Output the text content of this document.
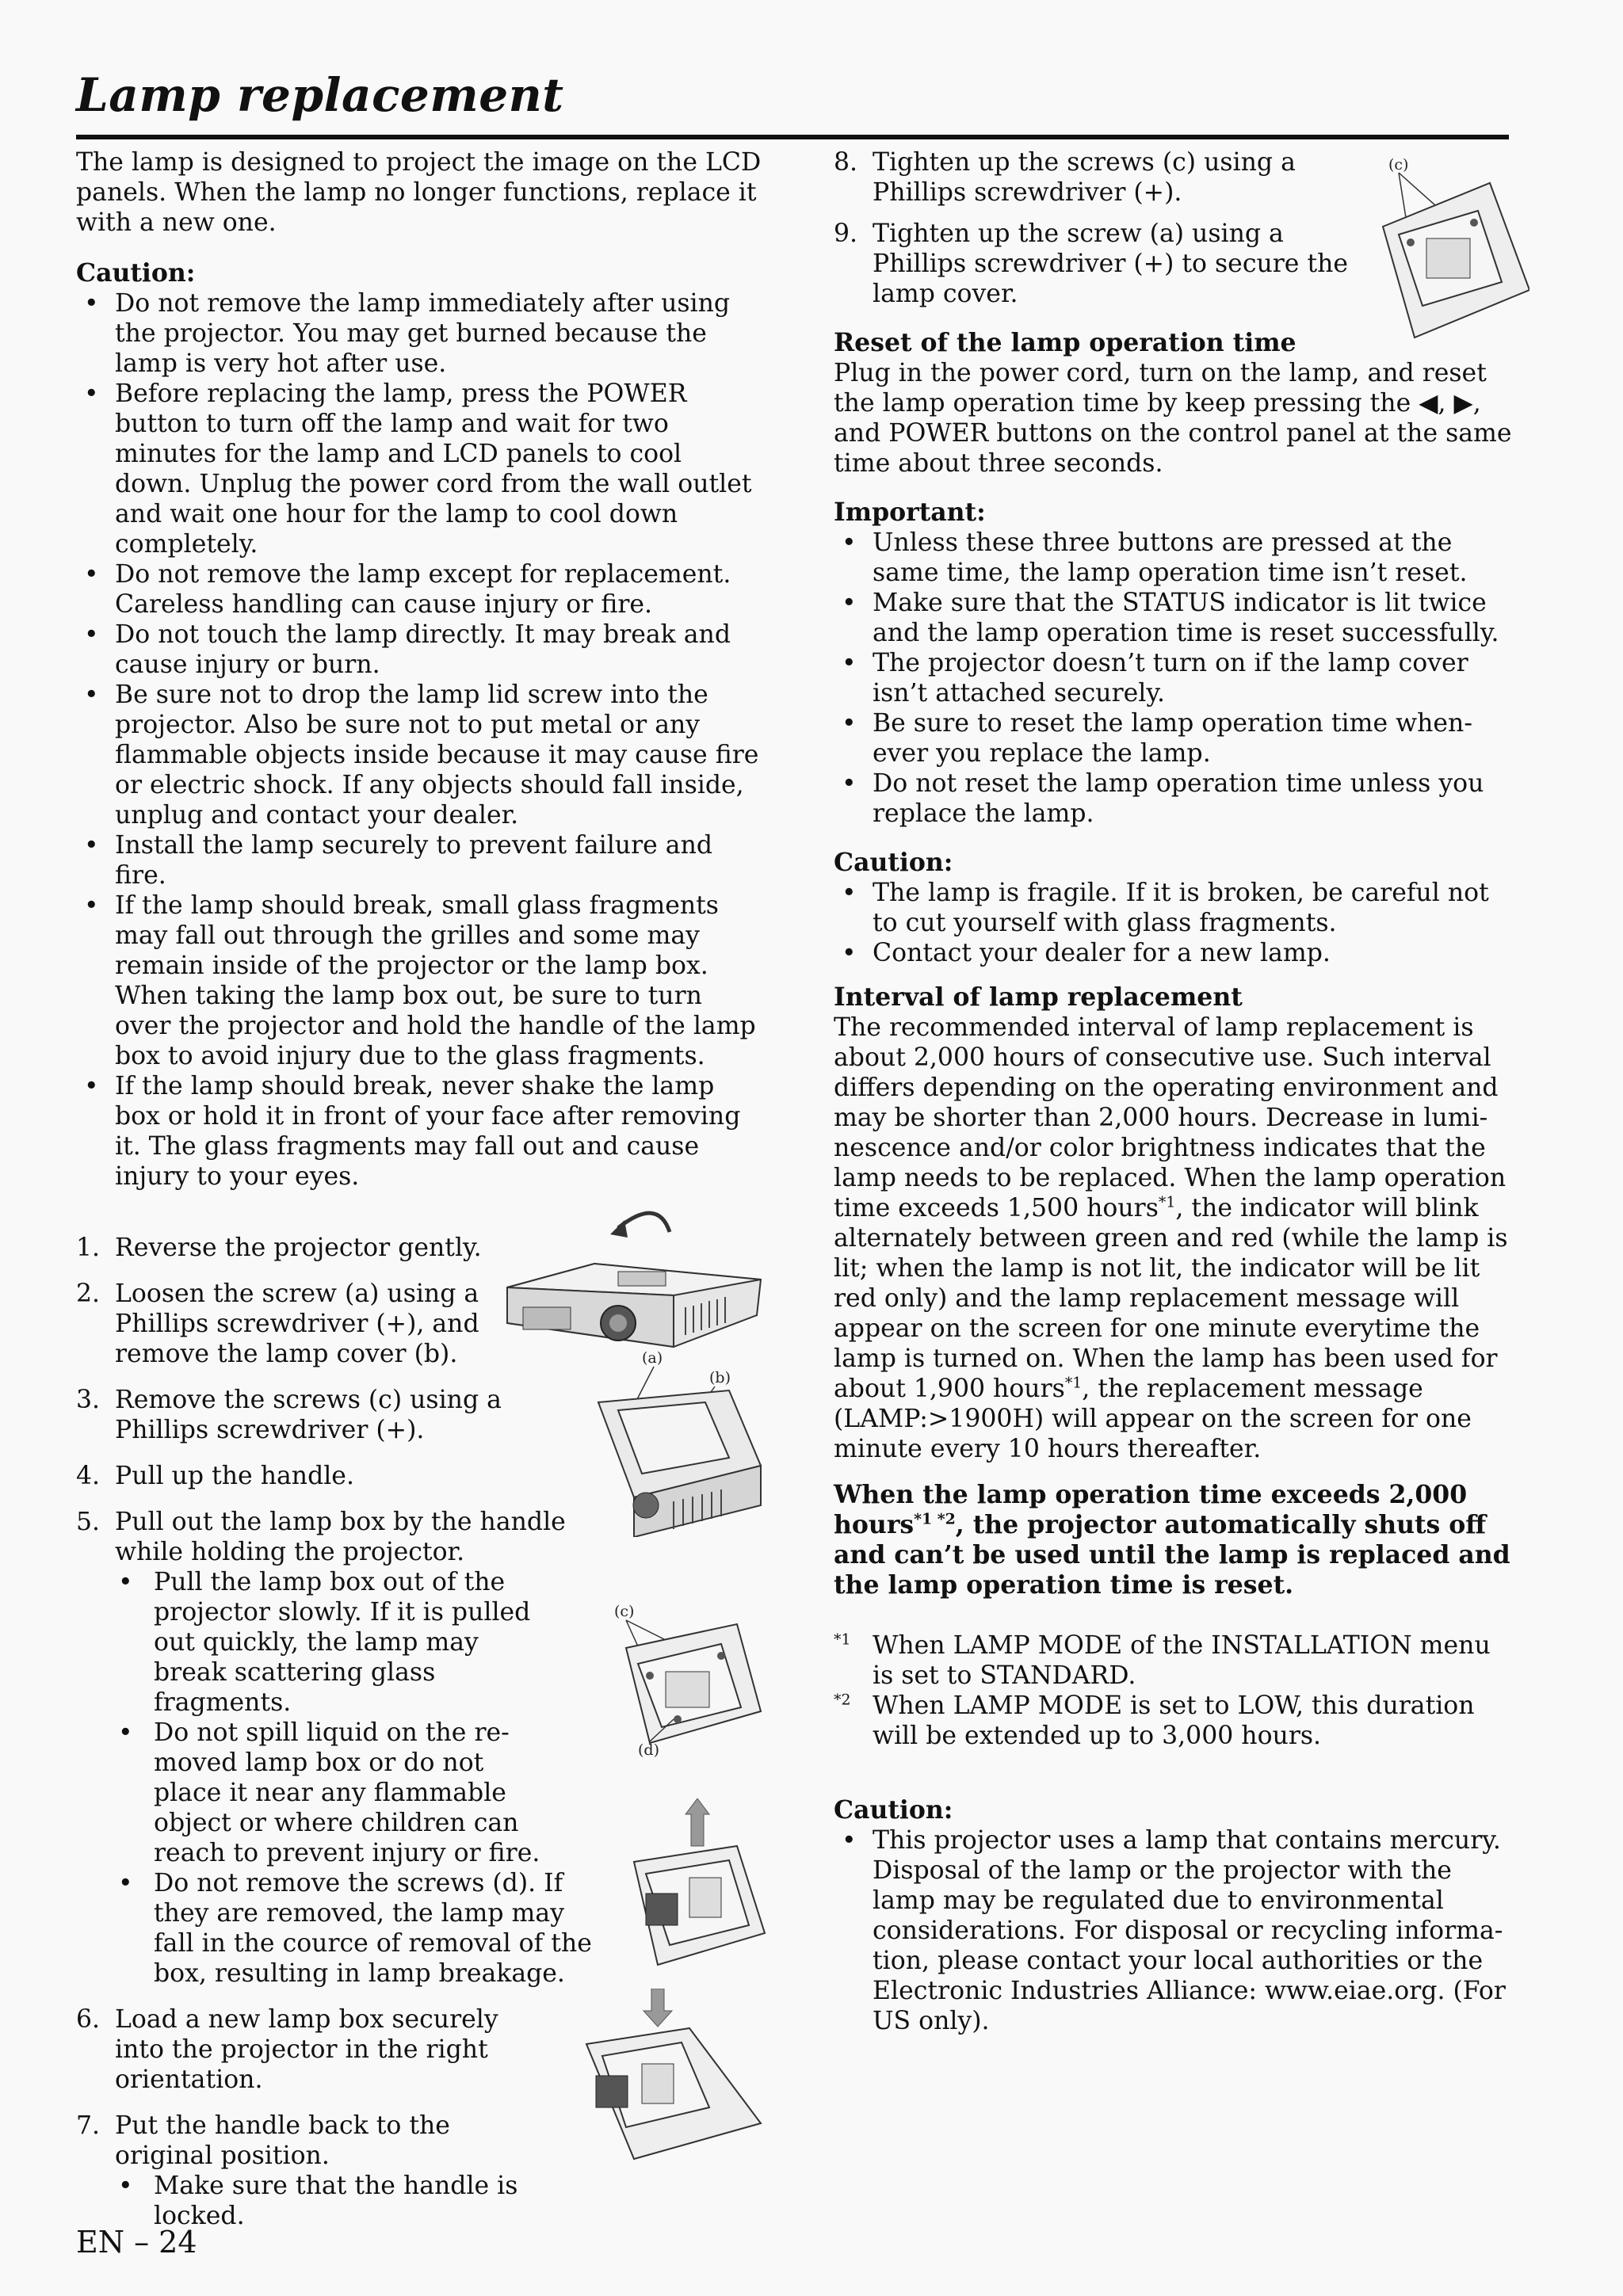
Lamp replacement

The lamp is designed to project the image on the LCD panels. When the lamp no longer functions, replace it with a new one.

Caution:
• Do not remove the lamp immediately after using the projector. You may get burned because the lamp is very hot after use.
• Before replacing the lamp, press the POWER button to turn off the lamp and wait for two minutes for the lamp and LCD panels to cool down. Unplug the power cord from the wall outlet and wait one hour for the lamp to cool down completely.
• Do not remove the lamp except for replacement. Careless handling can cause injury or fire.
• Do not touch the lamp directly. It may break and cause injury or burn.
• Be sure not to drop the lamp lid screw into the projector. Also be sure not to put metal or any flammable objects inside because it may cause fire or electric shock. If any objects should fall inside, unplug and contact your dealer.
• Install the lamp securely to prevent failure and fire.
• If the lamp should break, small glass fragments may fall out through the grilles and some may remain inside of the projector or the lamp box. When taking the lamp box out, be sure to turn over the projector and hold the handle of the lamp box to avoid injury due to the glass fragments.
• If the lamp should break, never shake the lamp box or hold it in front of your face after removing it. The glass fragments may fall out and cause injury to your eyes.
1. Reverse the projector gently.
2. Loosen the screw (a) using a Phillips screwdriver (+), and remove the lamp cover (b).
3. Remove the screws (c) using a Phillips screwdriver (+).
4. Pull up the handle.
5. Pull out the lamp box by the handle while holding the projector.
• Pull the lamp box out of the projector slowly. If it is pulled out quickly, the lamp may break scattering glass fragments.
• Do not spill liquid on the re-moved lamp box or do not place it near any flammable object or where children can reach to prevent injury or fire.
• Do not remove the screws (d). If they are removed, the lamp may fall in the cource of removal of the box, resulting in lamp breakage.
6. Load a new lamp box securely into the projector in the right orientation.
7. Put the handle back to the original position.
• Make sure that the handle is locked.
8. Tighten up the screws (c) using a Phillips screwdriver (+).
9. Tighten up the screw (a) using a Phillips screwdriver (+) to secure the lamp cover.
Reset of the lamp operation time

Plug in the power cord, turn on the lamp, and reset the lamp operation time by keep pressing the ◀, ▶, and POWER buttons on the control panel at the same time about three seconds.

Important:
• Unless these three buttons are pressed at the same time, the lamp operation time isn’t reset.
• Make sure that the STATUS indicator is lit twice and the lamp operation time is reset successfully.
• The projector doesn’t turn on if the lamp cover isn’t attached securely.
• Be sure to reset the lamp operation time when-ever you replace the lamp.
• Do not reset the lamp operation time unless you replace the lamp.
Caution:
• The lamp is fragile. If it is broken, be careful not to cut yourself with glass fragments.
• Contact your dealer for a new lamp.
Interval of lamp replacement

The recommended interval of lamp replacement is about 2,000 hours of consecutive use. Such interval differs depending on the operating environment and may be shorter than 2,000 hours. Decrease in lumi-nescence and/or color brightness indicates that the lamp needs to be replaced. When the lamp operation time exceeds 1,500 hours$^{*1}$, the indicator will blink alternately between green and red (while the lamp is lit; when the lamp is not lit, the indicator will be lit red only) and the lamp replacement message will appear on the screen for one minute everytime the lamp is turned on. When the lamp has been used for about 1,900 hours$^{*1}$, the replacement message (LAMP:>1900H) will appear on the screen for one minute every 10 hours thereafter.

When the lamp operation time exceeds 2,000 hours$^{*1 *2}$, the projector automatically shuts off and can’t be used until the lamp is replaced and the lamp operation time is reset.

$^{*1}$ When LAMP MODE of the INSTALLATION menu is set to STANDARD.
$^{*2}$ When LAMP MODE is set to LOW, this duration will be extended up to 3,000 hours.
Caution:
• This projector uses a lamp that contains mercury. Disposal of the lamp or the projector with the lamp may be regulated due to environmental considerations. For disposal or recycling informa-tion, please contact your local authorities or the Electronic Industries Alliance: www.eiae.org. (For US only).
(a)
(b)
(c)
(d)
(c)
EN – 24
